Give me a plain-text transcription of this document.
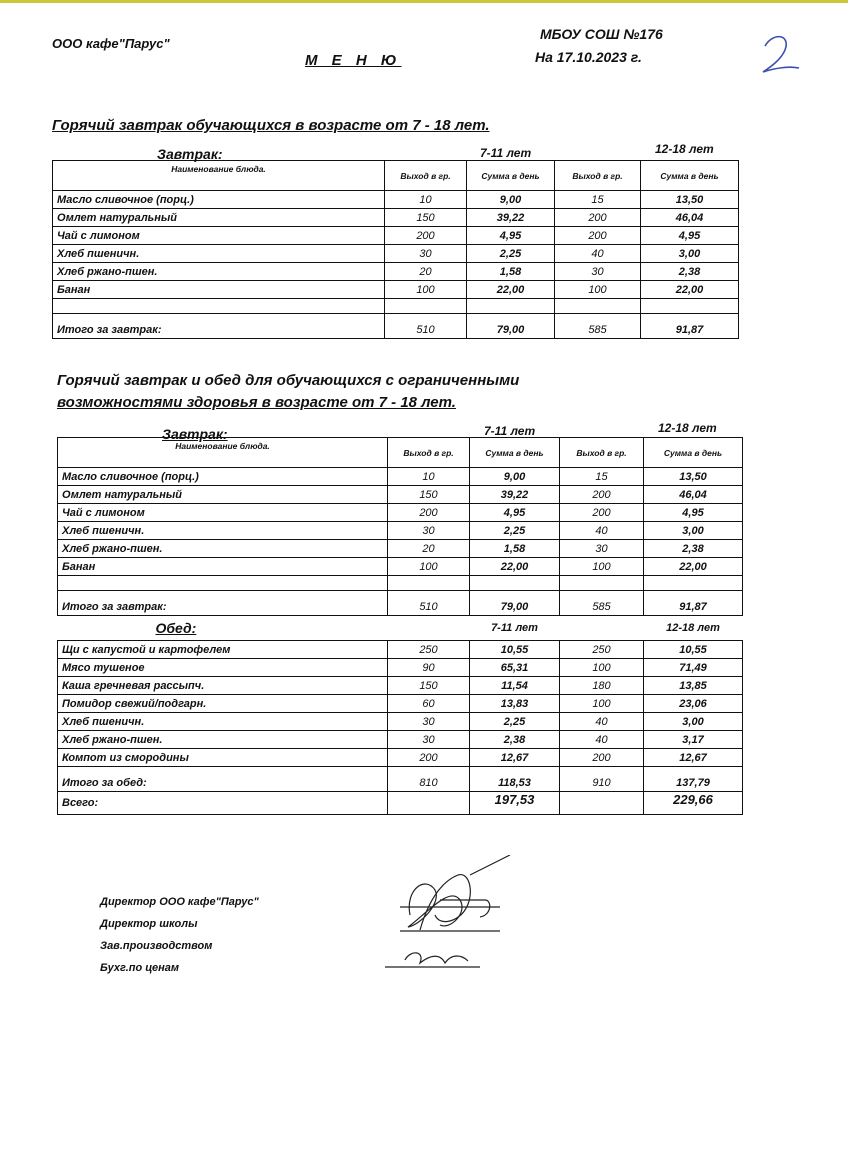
ООО кафе"Парус"
М Е Н Ю
МБОУ СОШ №176
На 17.10.2023 г.
Горячий завтрак обучающихся в возрасте от 7 - 18 лет.
Завтрак:	7-11 лет	12-18 лет
Наименование блюда.	Выход в гр.	Сумма в день	Выход в гр.	Сумма в день
Масло сливочное (порц.)	10	9,00	15	13,50
Омлет натуральный	150	39,22	200	46,04
Чай с лимоном	200	4,95	200	4,95
Хлеб пшеничн.	30	2,25	40	3,00
Хлеб ржано-пшен.	20	1,58	30	2,38
Банан	100	22,00	100	22,00

Итого за завтрак:	510	79,00	585	91,87
Горячий завтрак и обед для обучающихся с ограниченными
возможностями здоровья в возрасте от 7 - 18 лет.
Завтрак:	7-11 лет	12-18 лет
Наименование блюда.	Выход в гр.	Сумма в день	Выход в гр.	Сумма в день
Масло сливочное (порц.)	10	9,00	15	13,50
Омлет натуральный	150	39,22	200	46,04
Чай с лимоном	200	4,95	200	4,95
Хлеб пшеничн.	30	2,25	40	3,00
Хлеб ржано-пшен.	20	1,58	30	2,38
Банан	100	22,00	100	22,00

Итого за завтрак:	510	79,00	585	91,87
Обед:		7-11 лет		12-18 лет
Щи с капустой и картофелем	250	10,55	250	10,55
Мясо тушеное	90	65,31	100	71,49
Каша гречневая рассыпч.	150	11,54	180	13,85
Помидор свежий/подгарн.	60	13,83	100	23,06
Хлеб пшеничн.	30	2,25	40	3,00
Хлеб ржано-пшен.	30	2,38	40	3,17
Компот из смородины	200	12,67	200	12,67
Итого за обед:	810	118,53	910	137,79
Всего:		197,53		229,66
Директор ООО кафе"Парус"
Директор школы
Зав.производством
Бухг.по ценам
